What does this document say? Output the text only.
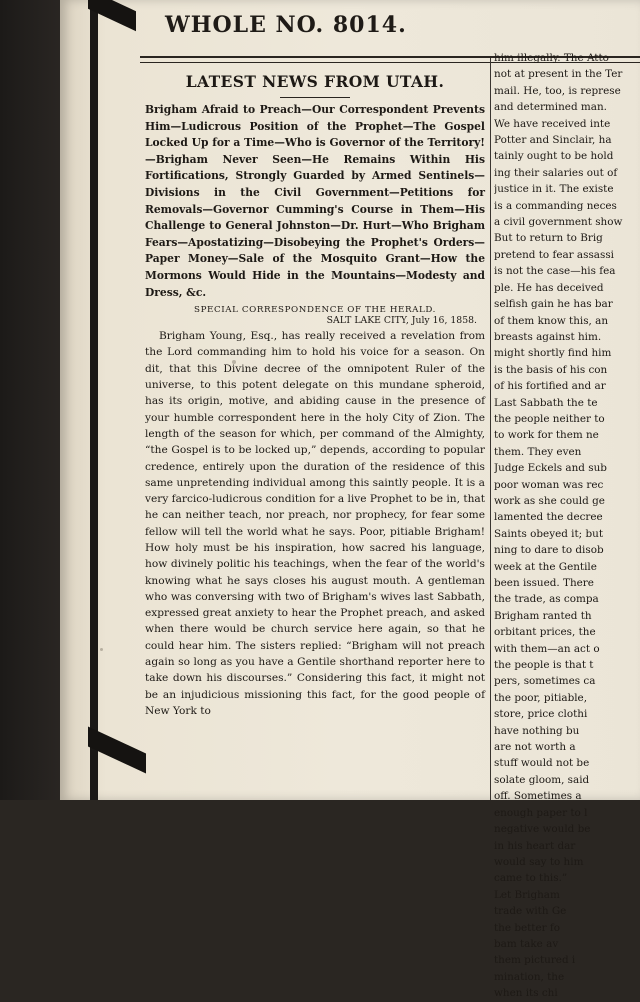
WHOLE NO. 8014.

LATEST NEWS FROM UTAH.

Brigham Afraid to Preach—Our Correspondent Prevents Him—Ludicrous Position of the Prophet—The Gospel Locked Up for a Time—Who is Governor of the Territory!—Brigham Never Seen—He Remains Within His Fortifications, Strongly Guarded by Armed Sentinels—Divisions in the Civil Government—Petitions for Removals—Governor Cumming's Course in Them—His Challenge to General Johnston—Dr. Hurt—Who Brigham Fears—Apostatizing—Disobeying the Prophet's Orders—Paper Money—Sale of the Mosquito Grant—How the Mormons Would Hide in the Mountains—Modesty and Dress, &c.

SPECIAL CORRESPONDENCE OF THE HERALD.

SALT LAKE CITY, July 16, 1858.

Brigham Young, Esq., has really received a revelation from the Lord commanding him to hold his voice for a season. On dit, that this Divine decree of the omnipotent Ruler of the universe, to this potent delegate on this mundane spheroid, has its origin, motive, and abiding cause in the presence of your humble correspondent here in the holy City of Zion. The length of the season for which, per command of the Almighty, “the Gospel is to be locked up,” depends, according to popular credence, entirely upon the duration of the residence of this same unpretending individual among this saintly people. It is a very farcico-ludicrous condition for a live Prophet to be in, that he can neither teach, nor preach, nor prophecy, for fear some fellow will tell the world what he says. Poor, pitiable Brigham! How holy must be his inspiration, how sacred his language, how divinely politic his teachings, when the fear of the world's knowing what he says closes his august mouth. A gentleman who was conversing with two of Brigham's wives last Sabbath, expressed great anxiety to hear the Prophet preach, and asked when there would be church service here again, so that he could hear him. The sisters replied: “Brigham will not preach again so long as you have a Gentile shorthand reporter here to take down his discourses.” Considering this fact, it might not be an injudicious missioning this fact, for the good people of New York to

him illegally. The Atto

not at present in the Ter

mail. He, too, is represe

and determined man.

We have received inte

Potter and Sinclair, ha

tainly ought to be hold

ing their salaries out of

justice in it. The existe

is a commanding neces

a civil government show

But to return to Brig

pretend to fear assassi

is not the case—his fea

ple. He has deceived

selfish gain he has bar

of them know this, an

breasts against him.

might shortly find him

is the basis of his con

of his fortified and ar

Last Sabbath the te

the people neither to

to work for them ne

them. They even

Judge Eckels and sub

poor woman was rec

work as she could ge

lamented the decree

Saints obeyed it; but

ning to dare to disob

week at the Gentile

been issued. There

the trade, as compa

Brigham ranted th

orbitant prices, the

with them—an act o

the people is that t

pers, sometimes ca

the poor, pitiable,

store, price clothi

have nothing bu

are not worth a

stuff would not be

solate gloom, said

off. Sometimes a

enough paper to l

negative would be

in his heart dar

would say to him

came to this.”

Let Brigham

trade with Ge

the better fo

bam take av

them pictured i

mination, the

when its chi
